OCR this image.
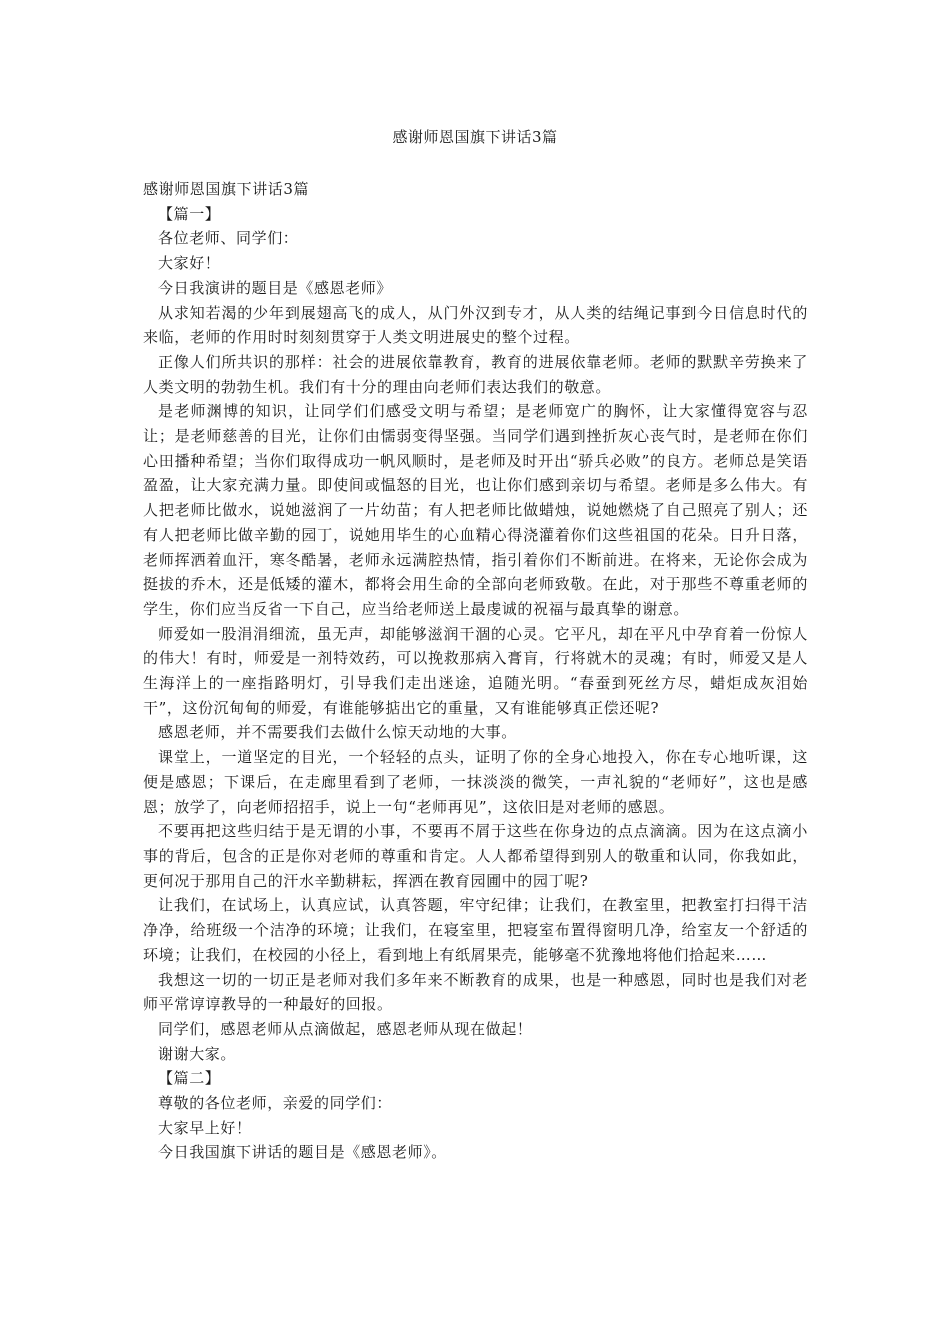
感谢师恩国旗下讲话3篇

感谢师恩国旗下讲话3篇

【篇一】

各位老师、同学们：

大家好！

今日我演讲的题目是《感恩老师》

从求知若渴的少年到展翅高飞的成人，从门外汉到专才，从人类的结绳记事到今日信息时代的来临，老师的作用时时刻刻贯穿于人类文明进展史的整个过程。

正像人们所共识的那样：社会的进展依靠教育，教育的进展依靠老师。老师的默默辛劳换来了人类文明的勃勃生机。我们有十分的理由向老师们表达我们的敬意。

是老师渊博的知识，让同学们们感受文明与希望；是老师宽广的胸怀，让大家懂得宽容与忍让；是老师慈善的目光，让你们由懦弱变得坚强。当同学们遇到挫折灰心丧气时，是老师在你们心田播种希望；当你们取得成功一帆风顺时，是老师及时开出“骄兵必败”的良方。老师总是笑语盈盈，让大家充满力量。即使间或愠怒的目光，也让你们感到亲切与希望。老师是多么伟大。有人把老师比做水，说她滋润了一片幼苗；有人把老师比做蜡烛，说她燃烧了自己照亮了别人；还有人把老师比做辛勤的园丁，说她用毕生的心血精心得浇灌着你们这些祖国的花朵。日升日落，老师挥洒着血汗，寒冬酷暑，老师永远满腔热情，指引着你们不断前进。在将来，无论你会成为挺拔的乔木，还是低矮的灌木，都将会用生命的全部向老师致敬。在此，对于那些不尊重老师的学生，你们应当反省一下自己，应当给老师送上最虔诚的祝福与最真挚的谢意。

师爱如一股涓涓细流，虽无声，却能够滋润干涸的心灵。它平凡，却在平凡中孕育着一份惊人的伟大！有时，师爱是一剂特效药，可以挽救那病入膏肓，行将就木的灵魂；有时，师爱又是人生海洋上的一座指路明灯，引导我们走出迷途，追随光明。“春蚕到死丝方尽，蜡炬成灰泪始干”，这份沉甸甸的师爱，有谁能够掂出它的重量，又有谁能够真正偿还呢?

感恩老师，并不需要我们去做什么惊天动地的大事。

课堂上，一道坚定的目光，一个轻轻的点头，证明了你的全身心地投入，你在专心地听课，这便是感恩；下课后，在走廊里看到了老师，一抹淡淡的微笑，一声礼貌的“老师好”，这也是感恩；放学了，向老师招招手，说上一句“老师再见”，这依旧是对老师的感恩。

不要再把这些归结于是无谓的小事，不要再不屑于这些在你身边的点点滴滴。因为在这点滴小事的背后，包含的正是你对老师的尊重和肯定。人人都希望得到别人的敬重和认同，你我如此，更何况于那用自己的汗水辛勤耕耘，挥洒在教育园圃中的园丁呢?

让我们，在试场上，认真应试，认真答题，牢守纪律；让我们，在教室里，把教室打扫得干洁净净，给班级一个洁净的环境；让我们，在寝室里，把寝室布置得窗明几净，给室友一个舒适的环境；让我们，在校园的小径上，看到地上有纸屑果壳，能够毫不犹豫地将他们拾起来……

我想这一切的一切正是老师对我们多年来不断教育的成果，也是一种感恩，同时也是我们对老师平常谆谆教导的一种最好的回报。

同学们，感恩老师从点滴做起，感恩老师从现在做起！

谢谢大家。

【篇二】

尊敬的各位老师，亲爱的同学们：

大家早上好！

今日我国旗下讲话的题目是《感恩老师》。
